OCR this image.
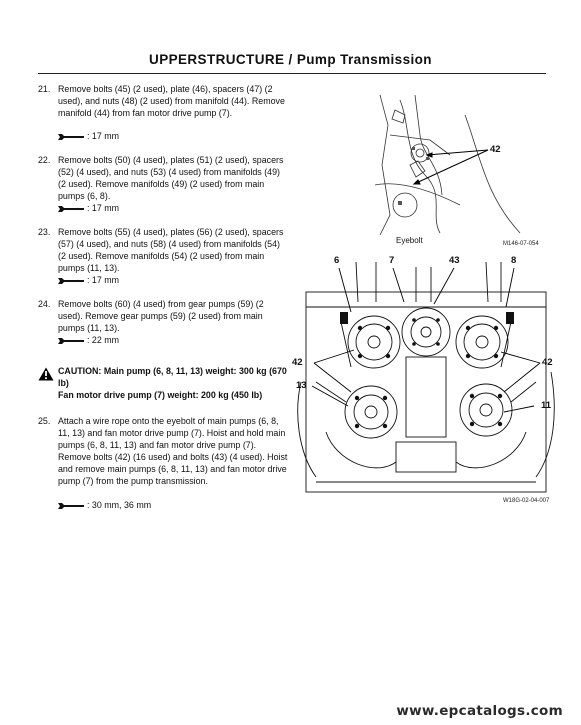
UPPERSTRUCTURE / Pump Transmission
21. Remove bolts (45) (2 used), plate (46), spacers (47) (2 used), and nuts (48) (2 used) from manifold (44). Remove manifold (44) from fan motor drive pump (7).
: 17 mm
22. Remove bolts (50) (4 used), plates (51) (2 used), spacers (52) (4 used), and nuts (53) (4 used) from manifolds (49) (2 used). Remove manifolds (49) (2 used) from main pumps (6, 8).
: 17 mm
23. Remove bolts (55) (4 used), plates (56) (2 used), spacers (57) (4 used), and nuts (58) (4 used) from manifolds (54) (2 used). Remove manifolds (54) (2 used) from main pumps (11, 13).
: 17 mm
24. Remove bolts (60) (4 used) from gear pumps (59) (2 used). Remove gear pumps (59) (2 used) from main pumps (11, 13).
: 22 mm
CAUTION: Main pump (6, 8, 11, 13) weight: 300 kg (670 lb)
Fan motor drive pump (7) weight: 200 kg (450 lb)
25. Attach a wire rope onto the eyebolt of main pumps (6, 8, 11, 13) and fan motor drive pump (7). Hoist and hold main pumps (6, 8, 11, 13) and fan motor drive pump (7). Remove bolts (42) (16 used) and bolts (43) (4 used). Hoist and remove main pumps (6, 8, 11, 13) and fan motor drive pump (7) from the pump transmission.
: 30 mm, 36 mm
42
Eyebolt	M146-07-054
6	7	43	8
42	42
13
11
W18G-02-04-007
www.epcatalogs.com
